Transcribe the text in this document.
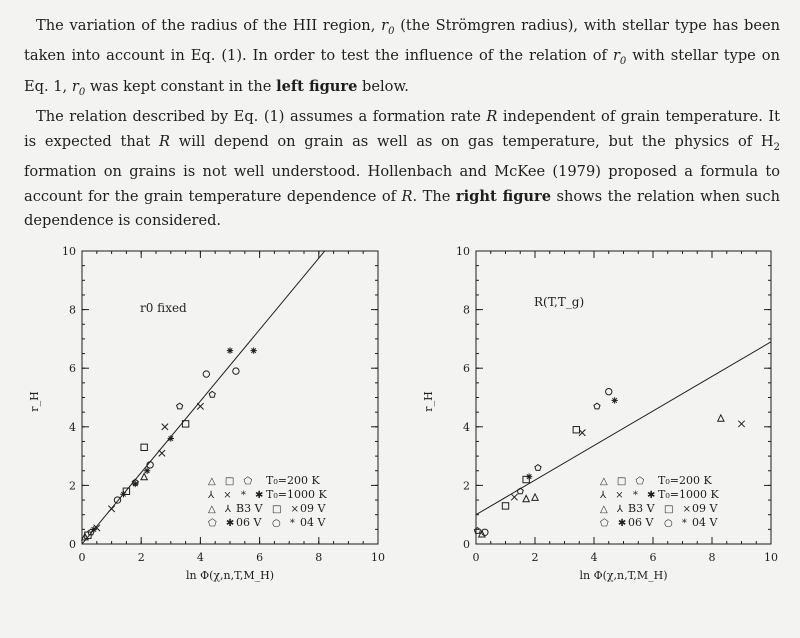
The variation of the radius of the HII region, $r_0$ (the Strömgren radius), with stellar type has been taken into account in Eq. (1). In order to test the influence of the relation of $r_0$ with stellar type on Eq. 1, $r_0$ was kept constant in the left figure below.

The relation described by Eq. (1) assumes a formation rate R independent of grain temperature. It is expected that R will depend on grain as well as on gas temperature, but the physics of $H_2$ formation on grains is not well understood. Hollenbach and McKee (1979) proposed a formula to account for the grain temperature dependence of R. The right figure shows the relation when such dependence is considered.

0	2	4	6	8	10
0
2
4
6
8
10
ln Φ(χ,n,T,M_H)
r_H
r0 fixed
△ □ ⬠ T₀=200 K
⅄ × * ✱ T₀=1000 K
△ ⅄ B3 V □ ×
09 V
⬠ ✱
06 V ○ * 04 V
0	2	4	6	8	10
0
2
4
6
8
10
ln Φ(χ,n,T,M_H)
r_H
R(T,T_g)
△ □ ⬠ T₀=200 K
⅄ × * ✱ T₀=1000 K
△ ⅄ B3 V □ ×
09 V
⬠ ✱
06 V ○ * 04 V
